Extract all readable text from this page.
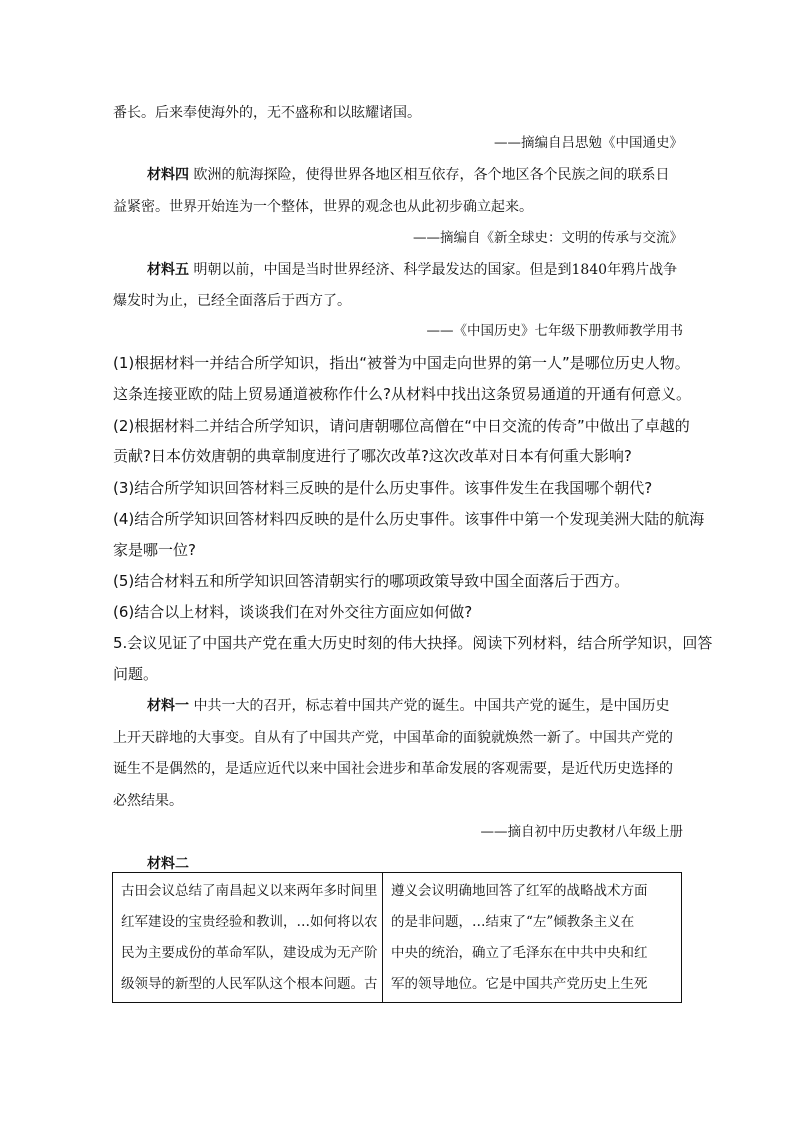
番长。后来奉使海外的，无不盛称和以眩耀诸国。
——摘编自吕思勉《中国通史》
材料四 欧洲的航海探险，使得世界各地区相互依存，各个地区各个民族之间的联系日
益紧密。世界开始连为一个整体，世界的观念也从此初步确立起来。
——摘编自《新全球史：文明的传承与交流》
材料五 明朝以前，中国是当时世界经济、科学最发达的国家。但是到1840年鸦片战争
爆发时为止，已经全面落后于西方了。
——《中国历史》七年级下册教师教学用书
(1)根据材料一并结合所学知识，指出“被誉为中国走向世界的第一人”是哪位历史人物。
这条连接亚欧的陆上贸易通道被称作什么?从材料中找出这条贸易通道的开通有何意义。
(2)根据材料二并结合所学知识，请问唐朝哪位高僧在“中日交流的传奇”中做出了卓越的
贡献?日本仿效唐朝的典章制度进行了哪次改革?这次改革对日本有何重大影响?
(3)结合所学知识回答材料三反映的是什么历史事件。该事件发生在我国哪个朝代?
(4)结合所学知识回答材料四反映的是什么历史事件。该事件中第一个发现美洲大陆的航海
家是哪一位?
(5)结合材料五和所学知识回答清朝实行的哪项政策导致中国全面落后于西方。
(6)结合以上材料，谈谈我们在对外交往方面应如何做?
5.会议见证了中国共产党在重大历史时刻的伟大抉择。阅读下列材料，结合所学知识，回答
问题。
材料一 中共一大的召开，标志着中国共产党的诞生。中国共产党的诞生，是中国历史
上开天辟地的大事变。自从有了中国共产党，中国革命的面貌就焕然一新了。中国共产党的
诞生不是偶然的，是适应近代以来中国社会进步和革命发展的客观需要，是近代历史选择的
必然结果。
——摘自初中历史教材八年级上册
材料二
古田会议总结了南昌起义以来两年多时间里
红军建设的宝贵经验和教训，…如何将以农
民为主要成份的革命军队，建设成为无产阶
级领导的新型的人民军队这个根本问题。古
遵义会议明确地回答了红军的战略战术方面
的是非问题，…结束了“左”倾教条主义在
中央的统治，确立了毛泽东在中共中央和红
军的领导地位。它是中国共产党历史上生死
